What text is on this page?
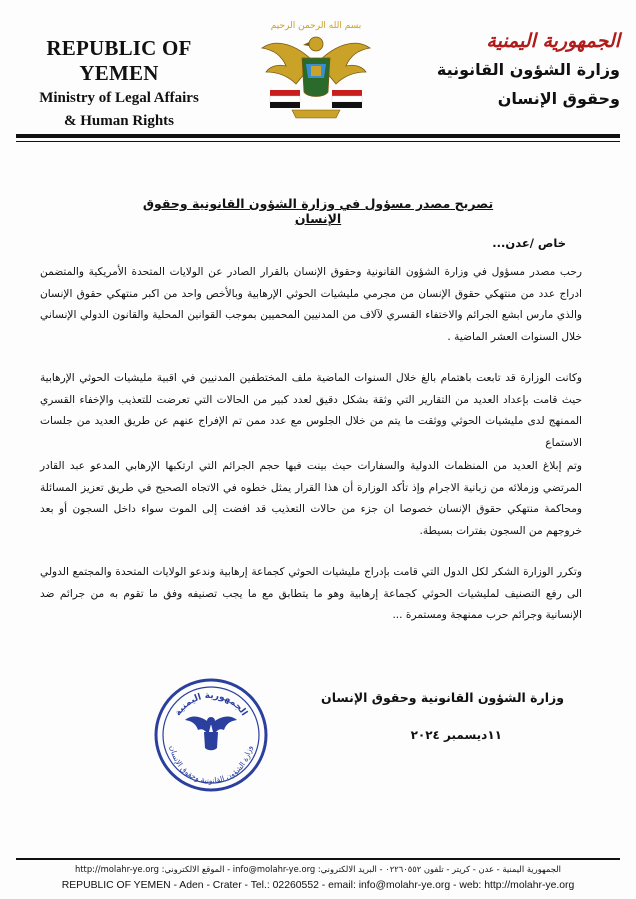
REPUBLIC OF YEMEN
Ministry of Legal Affairs
& Human Rights
بسم الله الرحمن الرحيم
الجمهورية اليمنية
وزارة الشؤون القانونية
وحقوق الإنسان
تصريح مصدر مسؤول في وزارة الشؤون القانونية وحقوق الإنسان
خاص /عدن...
رحب مصدر مسؤول في وزارة الشؤون القانونية وحقوق الإنسان بالقرار الصادر عن الولايات المتحدة الأمريكية والمتضمن ادراج عدد من منتهكي حقوق الإنسان من مجرمي مليشيات الحوثي الإرهابية وبالأخص واحد من اكبر منتهكي حقوق الإنسان والذي مارس ابشع الجرائم والاختفاء القسري لآلاف من المدنيين المحميين بموجب القوانين المحلية والقانون الدولي الإنساني خلال السنوات العشر الماضية .
وكانت الوزارة قد تابعت باهتمام بالغ خلال السنوات الماضية ملف المختطفين المدنيين في اقبية مليشيات الحوثي الإرهابية حيث قامت بإعداد العديد من التقارير التي وثقة بشكل دقيق لعدد كبير من الحالات التي تعرضت للتعذيب والإخفاء القسري الممنهج لدى مليشيات الحوثي ووثقت ما يتم من خلال الجلوس مع عدد ممن تم الإفراج عنهم عن طريق العديد من جلسات الاستماع
وتم إبلاغ العديد من المنظمات الدولية والسفارات حيث بينت فيها حجم الجرائم التي ارتكبها الإرهابي المدعو عبد القادر المرتضي وزملائه من زبانية الاجرام وإذ تأكد الوزارة أن هذا القرار يمثل خطوه في الاتجاه الصحيح في طريق تعزيز المسائلة ومحاكمة منتهكي حقوق الإنسان خصوصا ان جزء من حالات التعذيب قد افضت إلى الموت سواء داخل السجون أو بعد خروجهم من السجون بفترات بسيطة.
وتكرر الوزارة الشكر لكل الدول التي قامت بإدراج مليشيات الحوثي كجماعة إرهابية وندعو الولايات المتحدة والمجتمع الدولي الى رفع التصنيف لمليشيات الحوثي كجماعة إرهابية وهو ما يتطابق مع ما يجب تصنيفه وفق ما تقوم به من جرائم ضد الإنسانية وجرائم حرب ممنهجة ومستمرة ...
وزارة الشؤون القانونية وحقوق الإنسان
١١ديسمبر ٢٠٢٤
الجمهورية اليمنية
وزارة الشؤون القانونية وحقوق الإنسان
الجمهورية اليمنية - عدن - كريتر - تلفون ٠٢٢٦٠٥٥٢ - البريد الالكتروني: info@molahr-ye.org - الموقع الالكتروني: http://molahr-ye.org
REPUBLIC OF YEMEN - Aden - Crater - Tel.: 02260552 - email: info@molahr-ye.org - web: http://molahr-ye.org
